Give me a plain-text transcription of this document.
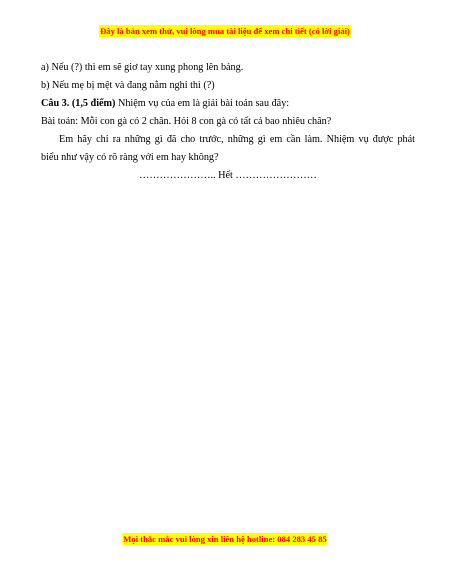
Đây là bản xem thử, vui lòng mua tài liệu để xem chi tiết (có lời giải)
a) Nếu (?) thì em sẽ giơ tay xung phong lên bảng.
b) Nếu mẹ bị mệt và đang nằm nghỉ thì (?)
Câu 3. (1,5 điểm) Nhiệm vụ của em là giải bài toán sau đây:
Bài toán: Mỗi con gà có 2 chân. Hỏi 8 con gà có tất cả bao nhiêu chân?
Em hãy chỉ ra những gì đã cho trước, những gì em cần làm. Nhiệm vụ được phát
biểu như vậy có rõ ràng với em hay không?
………………….. Hết ……………………
Mọi thắc mắc vui lòng xin liên hệ hotline: 084 283 45 85
